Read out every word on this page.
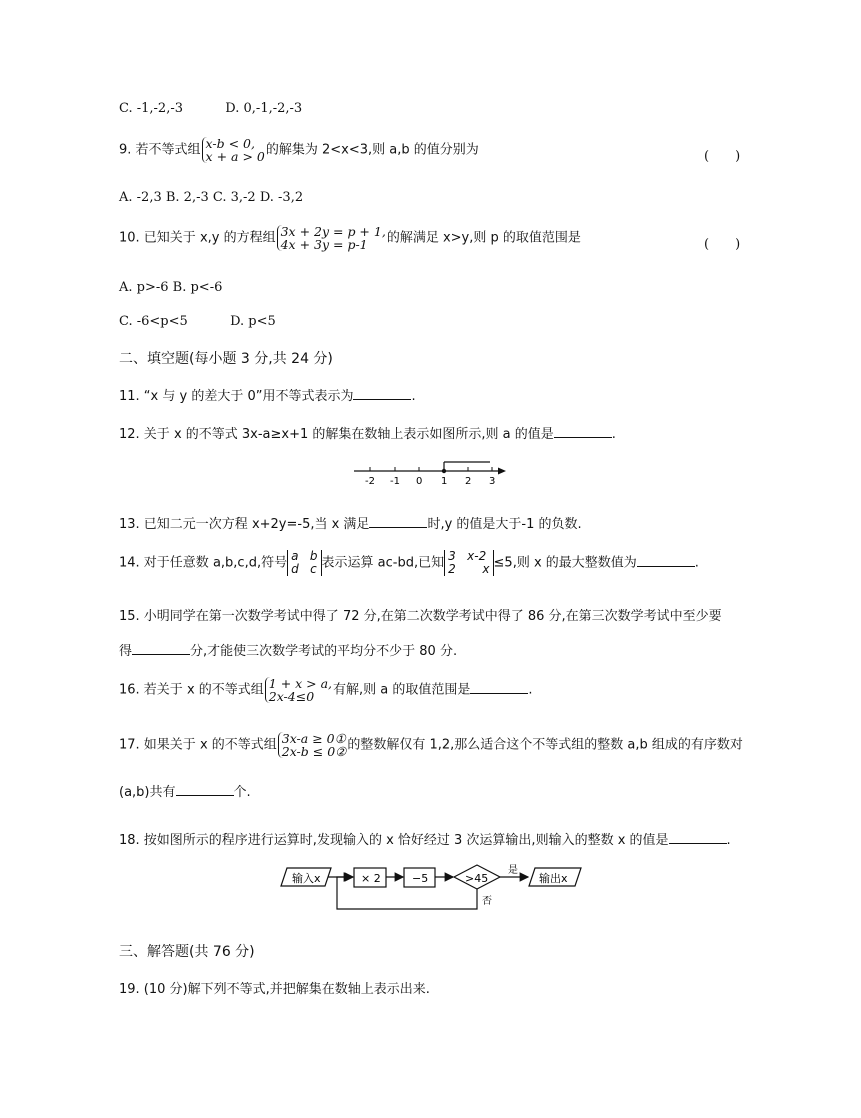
C. -1,-2,-3	D. 0,-1,-2,-3
9. 若不等式组 x-b < 0,
x + a > 0 的解集为 2<x<3,则 a,b 的值分别为	(　　)
A. -2,3 B. 2,-3 C. 3,-2 D. -3,2
10. 已知关于 x,y 的方程组 3x + 2y = p + 1,
4x + 3y = p-1	的解满足 x>y,则 p 的取值范围是	(　　)
A. p>-6 B. p<-6
C. -6<p<5	D. p<5
二、填空题(每小题 3 分,共 24 分)
11. “x 与 y 的差大于 0”用不等式表示为	.
12. 关于 x 的不等式 3x-a≥x+1 的解集在数轴上表示如图所示,则 a 的值是	.
-2 -1 0 1 2 3
13. 已知二元一次方程 x+2y=-5,当 x 满足	时,y 的值是大于-1 的负数.
14. 对于任意数 a,b,c,d,符号 a   b
d   c 表示运算 ac-bd,已知 3   x-2
2       x ≤5,则 x 的最大整数值为	.
15. 小明同学在第一次数学考试中得了 72 分,在第二次数学考试中得了 86 分,在第三次数学考试中至少要
得	分,才能使三次数学考试的平均分不少于 80 分.
16. 若关于 x 的不等式组 1 + x > a,
2x-4≤0	有解,则 a 的取值范围是	.
17. 如果关于 x 的不等式组 3x-a ≥ 0①
2x-b ≤ 0② 的整数解仅有 1,2,那么适合这个不等式组的整数 a,b 组成的有序数对
(a,b)共有	个.
18. 按如图所示的程序进行运算时,发现输入的 x 恰好经过 3 次运算输出,则输入的整数 x 的值是	.
输入x	× 2	−5	>45
是
输出x
否
三、解答题(共 76 分)
19. (10 分)解下列不等式,并把解集在数轴上表示出来.
